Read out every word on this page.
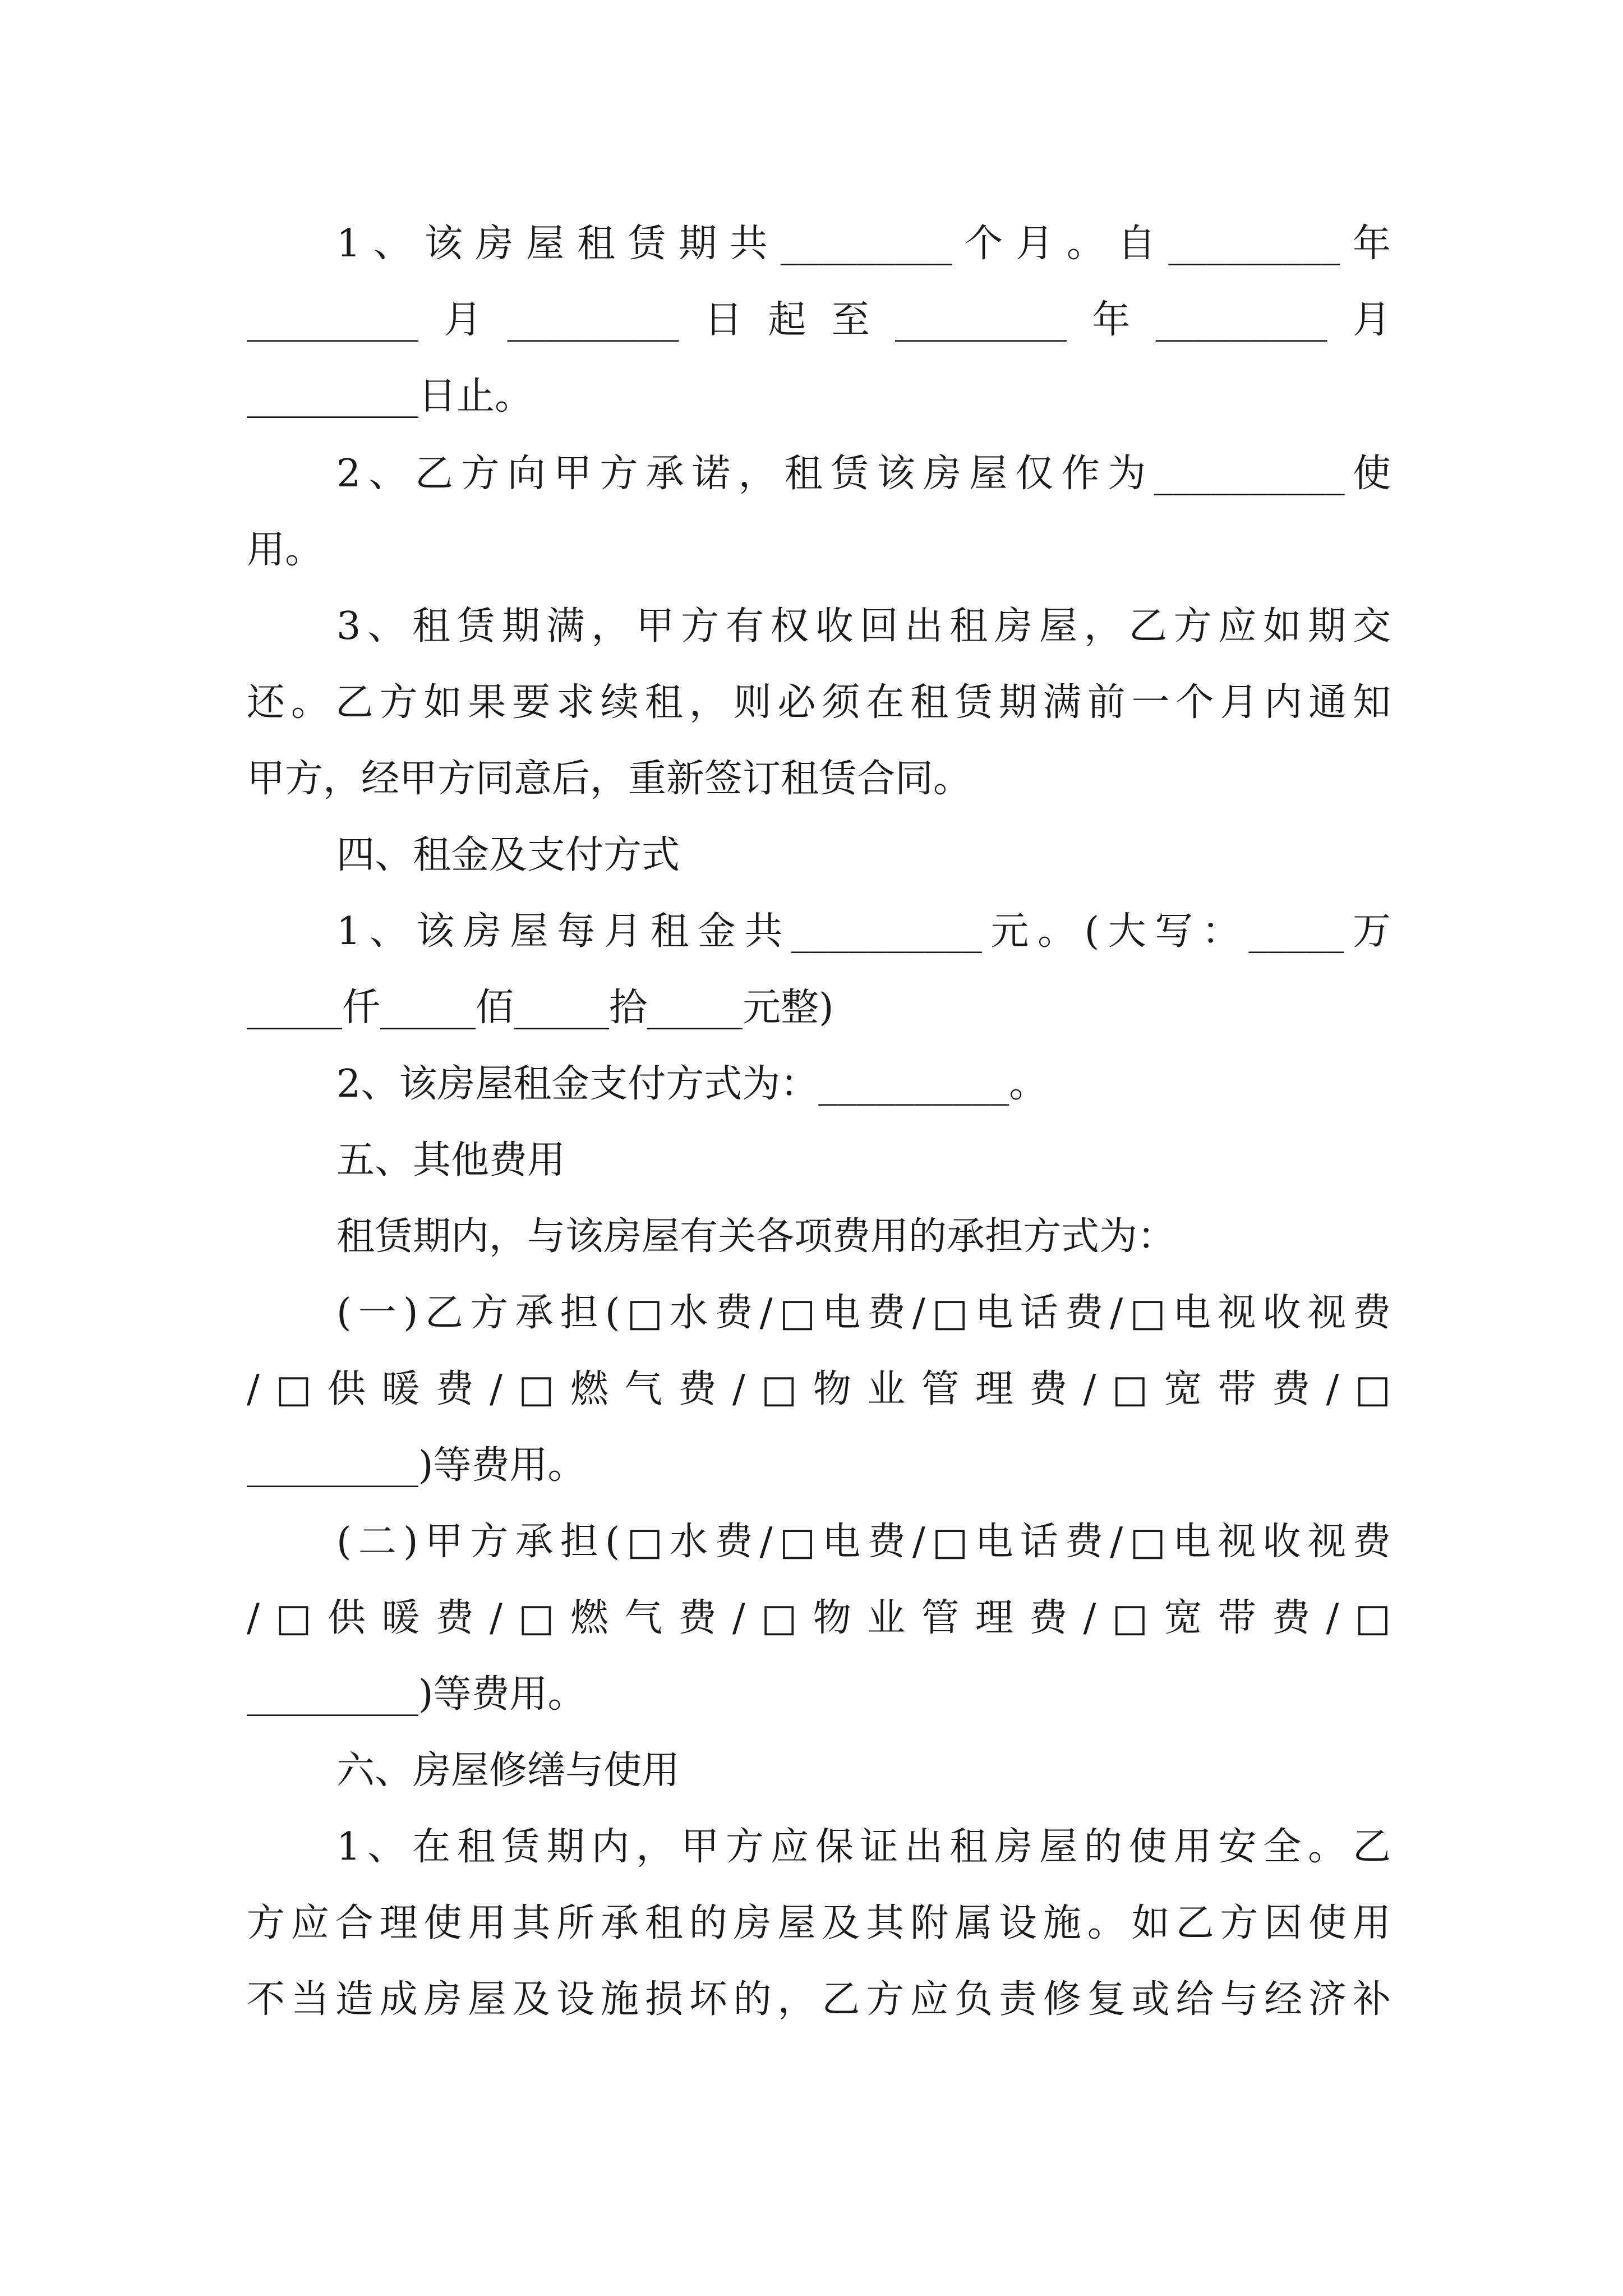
1、该房屋租赁期共_________个月。自_________年
_________月_________日起至_________年_________月
_________日止。
2、乙方向甲方承诺，租赁该房屋仅作为__________使
用。
3、租赁期满，甲方有权收回出租房屋，乙方应如期交
还。乙方如果要求续租，则必须在租赁期满前一个月内通知
甲方，经甲方同意后，重新签订租赁合同。
四、租金及支付方式
1、该房屋每月租金共__________元。(大写：_____万
_____仟_____佰_____拾_____元整)
2、该房屋租金支付方式为：__________。
五、其他费用
租赁期内，与该房屋有关各项费用的承担方式为：
(一)乙方承担(□水费/□电费/□电话费/□电视收视费
/□供暖费/□燃气费/□物业管理费/□宽带费/□
_________)等费用。
(二)甲方承担(□水费/□电费/□电话费/□电视收视费
/□供暖费/□燃气费/□物业管理费/□宽带费/□
_________)等费用。
六、房屋修缮与使用
1、在租赁期内，甲方应保证出租房屋的使用安全。乙
方应合理使用其所承租的房屋及其附属设施。如乙方因使用
不当造成房屋及设施损坏的，乙方应负责修复或给与经济补
